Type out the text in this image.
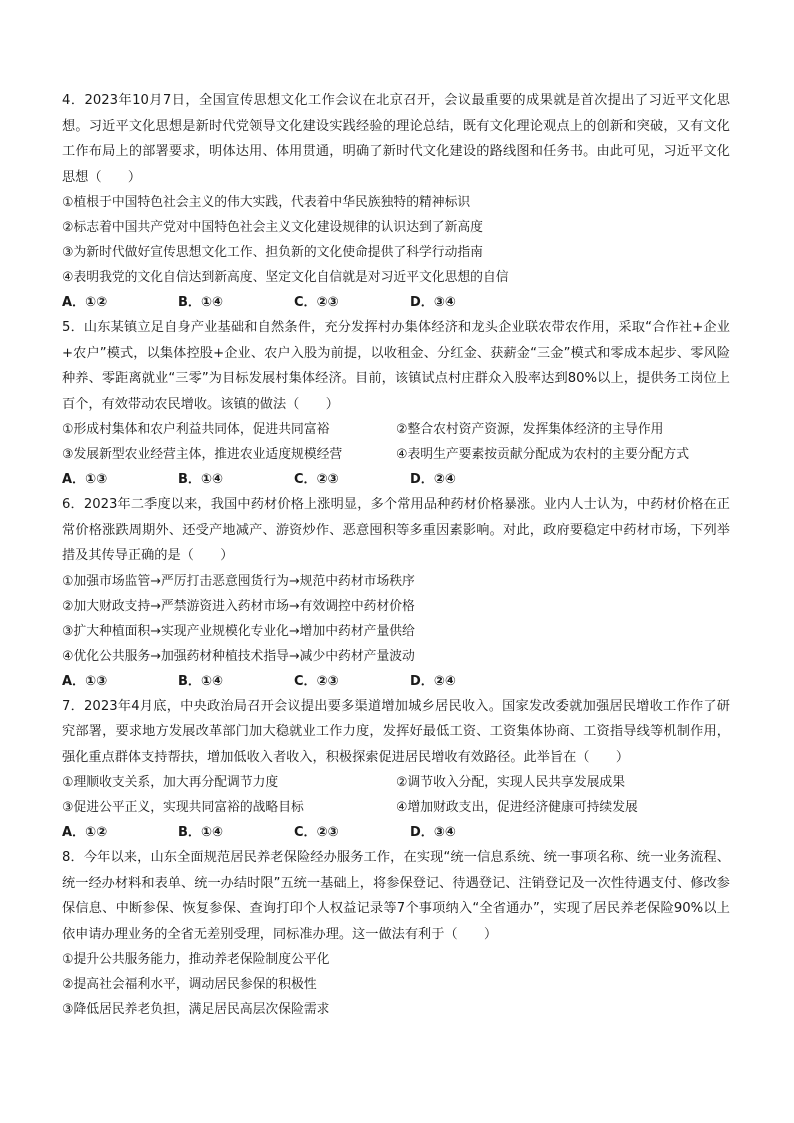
4．2023年10月7日，全国宣传思想文化工作会议在北京召开，会议最重要的成果就是首次提出了习近平文化思想。习近平文化思想是新时代党领导文化建设实践经验的理论总结，既有文化理论观点上的创新和突破，又有文化工作布局上的部署要求，明体达用、体用贯通，明确了新时代文化建设的路线图和任务书。由此可见，习近平文化思想（　　）

①植根于中国特色社会主义的伟大实践，代表着中华民族独特的精神标识

②标志着中国共产党对中国特色社会主义文化建设规律的认识达到了新高度

③为新时代做好宣传思想文化工作、担负新的文化使命提供了科学行动指南

④表明我党的文化自信达到新高度、坚定文化自信就是对习近平文化思想的自信

A．①②	B．①④	C．②③	D．③④

5．山东某镇立足自身产业基础和自然条件，充分发挥村办集体经济和龙头企业联农带农作用，采取“合作社+企业+农户”模式，以集体控股+企业、农户入股为前提，以收租金、分红金、获薪金“三金”模式和零成本起步、零风险种养、零距离就业“三零”为目标发展村集体经济。目前，该镇试点村庄群众入股率达到80%以上，提供务工岗位上百个，有效带动农民增收。该镇的做法（　　）

①形成村集体和农户利益共同体，促进共同富裕	②整合农村资产资源，发挥集体经济的主导作用
③发展新型农业经营主体，推进农业适度规模经营	④表明生产要素按贡献分配成为农村的主要分配方式
A．①③	B．①④	C．②③	D．②④

6．2023年二季度以来，我国中药材价格上涨明显，多个常用品种药材价格暴涨。业内人士认为，中药材价格在正常价格涨跌周期外、还受产地减产、游资炒作、恶意囤积等多重因素影响。对此，政府要稳定中药材市场，下列举措及其传导正确的是（　　）

①加强市场监管→严厉打击恶意囤货行为→规范中药材市场秩序

②加大财政支持→严禁游资进入药材市场→有效调控中药材价格

③扩大种植面积→实现产业规模化专业化→增加中药材产量供给

④优化公共服务→加强药材种植技术指导→减少中药材产量波动

A．①③	B．①④	C．②③	D．②④

7．2023年4月底，中央政治局召开会议提出要多渠道增加城乡居民收入。国家发改委就加强居民增收工作作了研究部署，要求地方发展改革部门加大稳就业工作力度，发挥好最低工资、工资集体协商、工资指导线等机制作用，强化重点群体支持帮扶，增加低收入者收入，积极探索促进居民增收有效路径。此举旨在（　　）

①理顺收支关系，加大再分配调节力度	②调节收入分配，实现人民共享发展成果
③促进公平正义，实现共同富裕的战略目标	④增加财政支出，促进经济健康可持续发展
A．①②	B．①④	C．②③	D．③④

8．今年以来，山东全面规范居民养老保险经办服务工作，在实现“统一信息系统、统一事项名称、统一业务流程、统一经办材料和表单、统一办结时限”五统一基础上，将参保登记、待遇登记、注销登记及一次性待遇支付、修改参保信息、中断参保、恢复参保、查询打印个人权益记录等7个事项纳入“全省通办”，实现了居民养老保险90%以上依申请办理业务的全省无差别受理，同标准办理。这一做法有利于（　　）

①提升公共服务能力，推动养老保险制度公平化

②提高社会福利水平，调动居民参保的积极性

③降低居民养老负担，满足居民高层次保险需求
